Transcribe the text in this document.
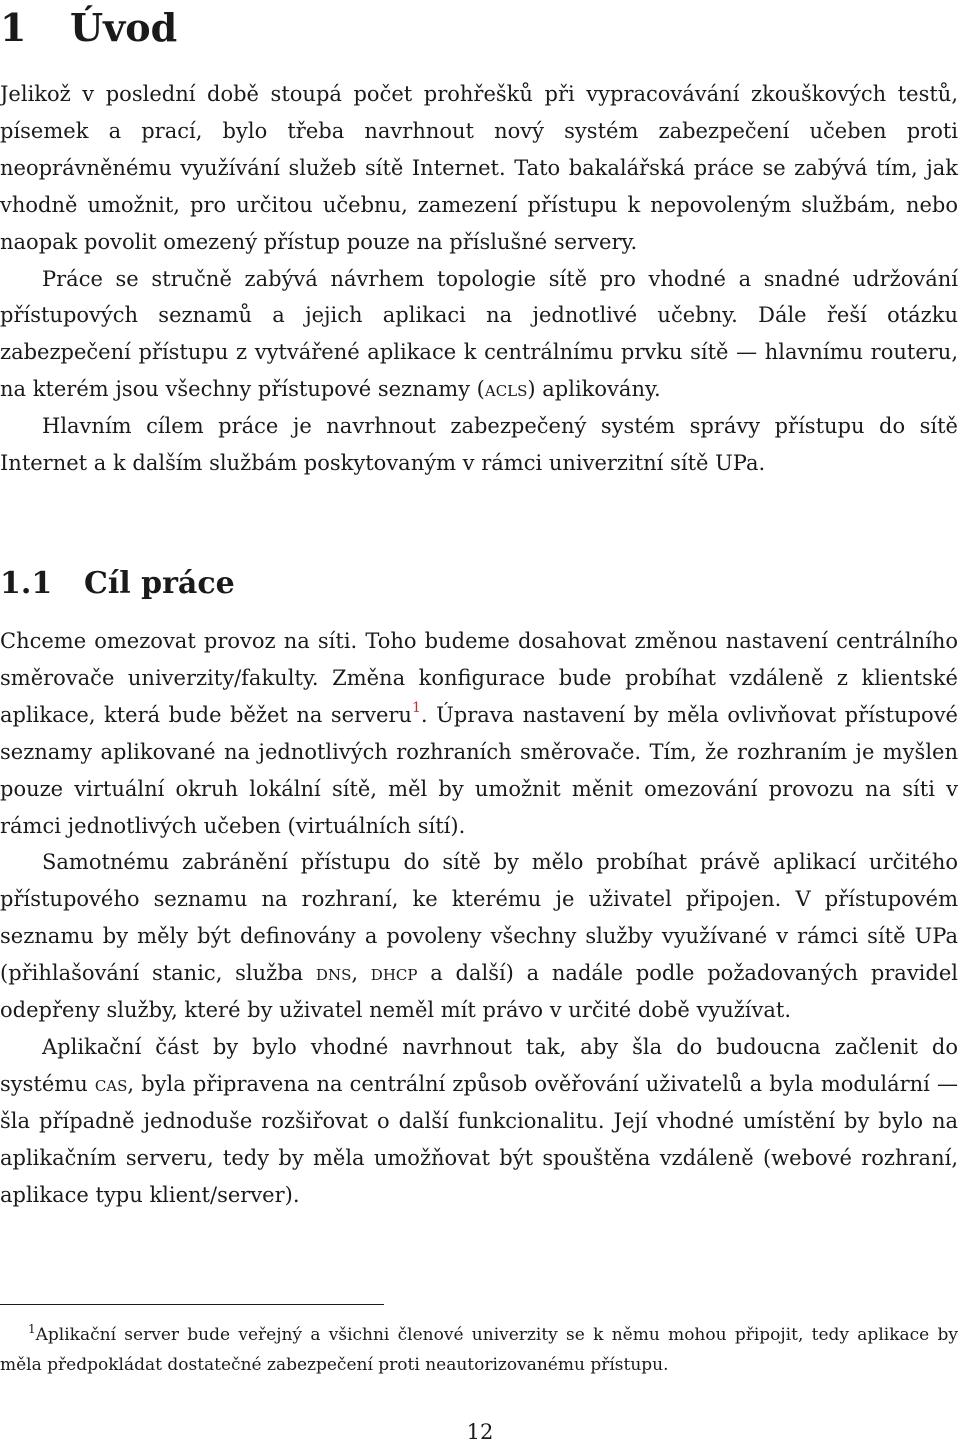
1 Úvod

Jelikož v poslední době stoupá počet prohřešků při vypracovávání zkouškových testů, písemek a prací, bylo třeba navrhnout nový systém zabezpečení učeben proti neoprávněnému využívání služeb sítě Internet. Tato bakalářská práce se zabývá tím, jak vhodně umožnit, pro určitou učebnu, zamezení přístupu k nepovoleným službám, nebo naopak povolit omezený přístup pouze na příslušné servery.

Práce se stručně zabývá návrhem topologie sítě pro vhodné a snadné udržování přístupových seznamů a jejich aplikaci na jednotlivé učebny. Dále řeší otázku zabezpečení přístupu z vytvářené aplikace k centrálnímu prvku sítě — hlavnímu routeru, na kterém jsou všechny přístupové seznamy (acls) aplikovány.

Hlavním cílem práce je navrhnout zabezpečený systém správy přístupu do sítě Internet a k dalším službám poskytovaným v rámci univerzitní sítě UPa.

1.1 Cíl práce

Chceme omezovat provoz na síti. Toho budeme dosahovat změnou nastavení centrálního směrovače univerzity/fakulty. Změna konfigurace bude probíhat vzdáleně z klientské aplikace, která bude běžet na serveru$^1$. Úprava nastavení by měla ovlivňovat přístupové seznamy aplikované na jednotlivých rozhraních směrovače. Tím, že rozhraním je myšlen pouze virtuální okruh lokální sítě, měl by umožnit měnit omezování provozu na síti v rámci jednotlivých učeben (virtuálních sítí).

Samotnému zabránění přístupu do sítě by mělo probíhat právě aplikací určitého přístupového seznamu na rozhraní, ke kterému je uživatel připojen. V přístupovém seznamu by měly být definovány a povoleny všechny služby využívané v rámci sítě UPa (přihlašování stanic, služba dns, dhcp a další) a nadále podle požadovaných pravidel odepřeny služby, které by uživatel neměl mít právo v určité době využívat.

Aplikační část by bylo vhodné navrhnout tak, aby šla do budoucna začlenit do systému cas, byla připravena na centrální způsob ověřování uživatelů a byla modulární — šla případně jednoduše rozšiřovat o další funkcionalitu. Její vhodné umístění by bylo na aplikačním serveru, tedy by měla umožňovat být spouštěna vzdáleně (webové rozhraní, aplikace typu klient/server).

$^1$Aplikační server bude veřejný a všichni členové univerzity se k němu mohou připojit, tedy aplikace by měla předpokládat dostatečné zabezpečení proti neautorizovanému přístupu.

12
